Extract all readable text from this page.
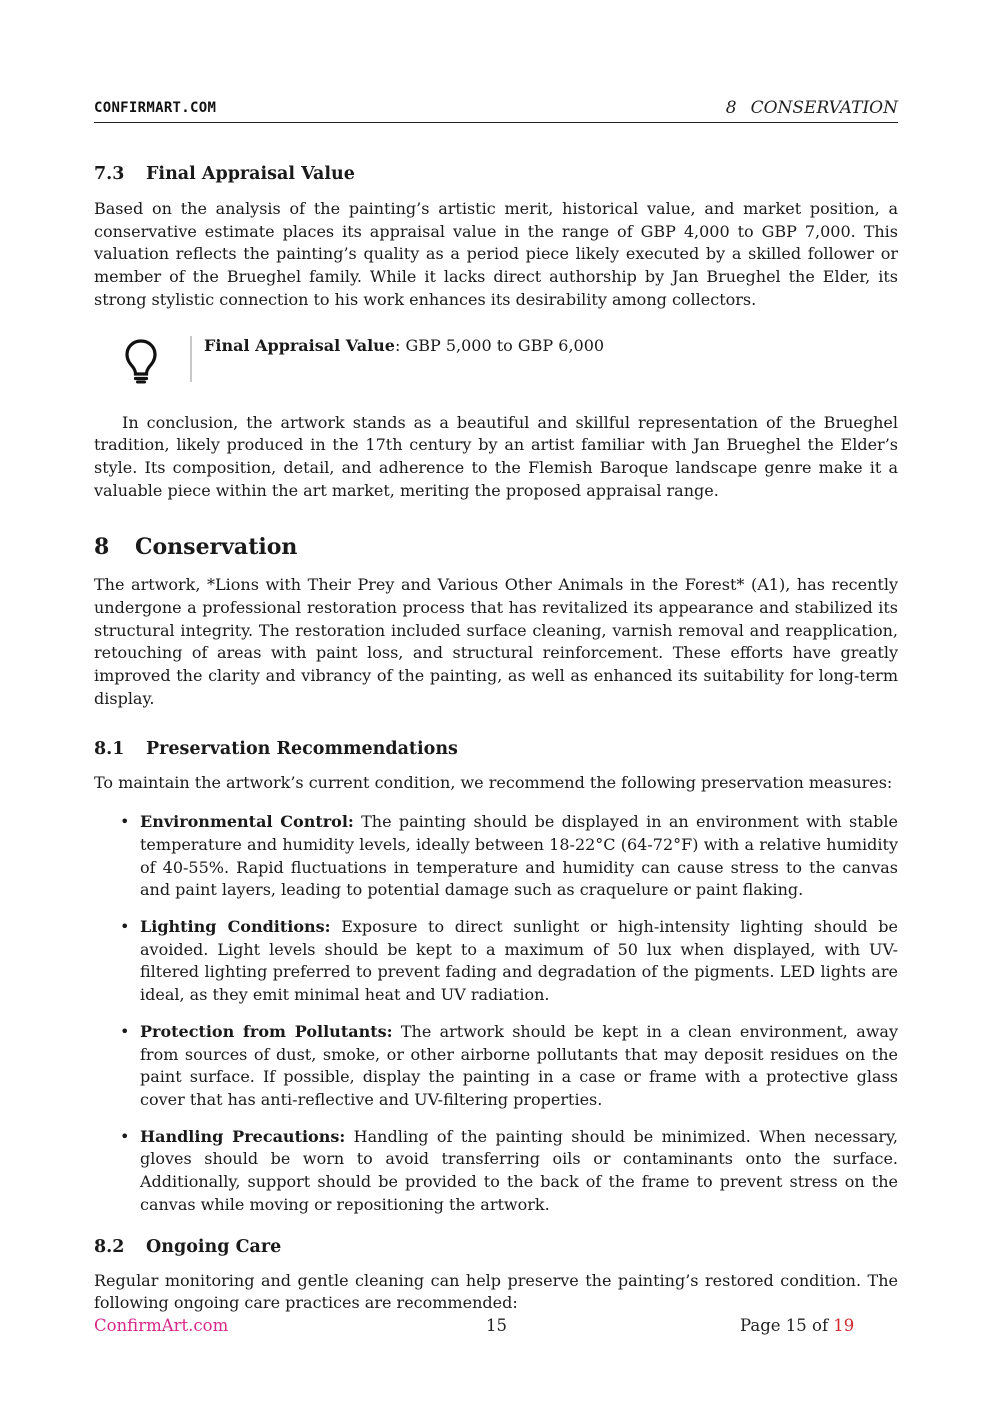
CONFIRMART.COM	8 CONSERVATION
7.3 Final Appraisal Value

Based on the analysis of the painting’s artistic merit, historical value, and market position, a conservative estimate places its appraisal value in the range of GBP 4,000 to GBP 7,000. This valuation reflects the painting’s quality as a period piece likely executed by a skilled follower or member of the Brueghel family. While it lacks direct authorship by Jan Brueghel the Elder, its strong stylistic connection to his work enhances its desirability among collectors.

Final Appraisal Value: GBP 5,000 to GBP 6,000

In conclusion, the artwork stands as a beautiful and skillful representation of the Brueghel tradition, likely produced in the 17th century by an artist familiar with Jan Brueghel the Elder’s style. Its composition, detail, and adherence to the Flemish Baroque landscape genre make it a valuable piece within the art market, meriting the proposed appraisal range.

8 Conservation

The artwork, *Lions with Their Prey and Various Other Animals in the Forest* (A1), has recently undergone a professional restoration process that has revitalized its appearance and stabilized its structural integrity. The restoration included surface cleaning, varnish removal and reapplication, retouching of areas with paint loss, and structural reinforcement. These efforts have greatly improved the clarity and vibrancy of the painting, as well as enhanced its suitability for long-term display.

8.1 Preservation Recommendations

To maintain the artwork’s current condition, we recommend the following preservation measures:

• Environmental Control: The painting should be displayed in an environment with stable temperature and humidity levels, ideally between 18-22°C (64-72°F) with a relative humidity of 40-55%. Rapid fluctuations in temperature and humidity can cause stress to the canvas and paint layers, leading to potential damage such as craquelure or paint flaking.

• Lighting Conditions: Exposure to direct sunlight or high-intensity lighting should be avoided. Light levels should be kept to a maximum of 50 lux when displayed, with UV-filtered lighting preferred to prevent fading and degradation of the pigments. LED lights are ideal, as they emit minimal heat and UV radiation.

• Protection from Pollutants: The artwork should be kept in a clean environment, away from sources of dust, smoke, or other airborne pollutants that may deposit residues on the paint surface. If possible, display the painting in a case or frame with a protective glass cover that has anti-reflective and UV-filtering properties.

• Handling Precautions: Handling of the painting should be minimized. When necessary, gloves should be worn to avoid transferring oils or contaminants onto the surface. Additionally, support should be provided to the back of the frame to prevent stress on the canvas while moving or repositioning the artwork.

8.2 Ongoing Care

Regular monitoring and gentle cleaning can help preserve the painting’s restored condition. The following ongoing care practices are recommended:

ConfirmArt.com	15	Page 15 of 19
